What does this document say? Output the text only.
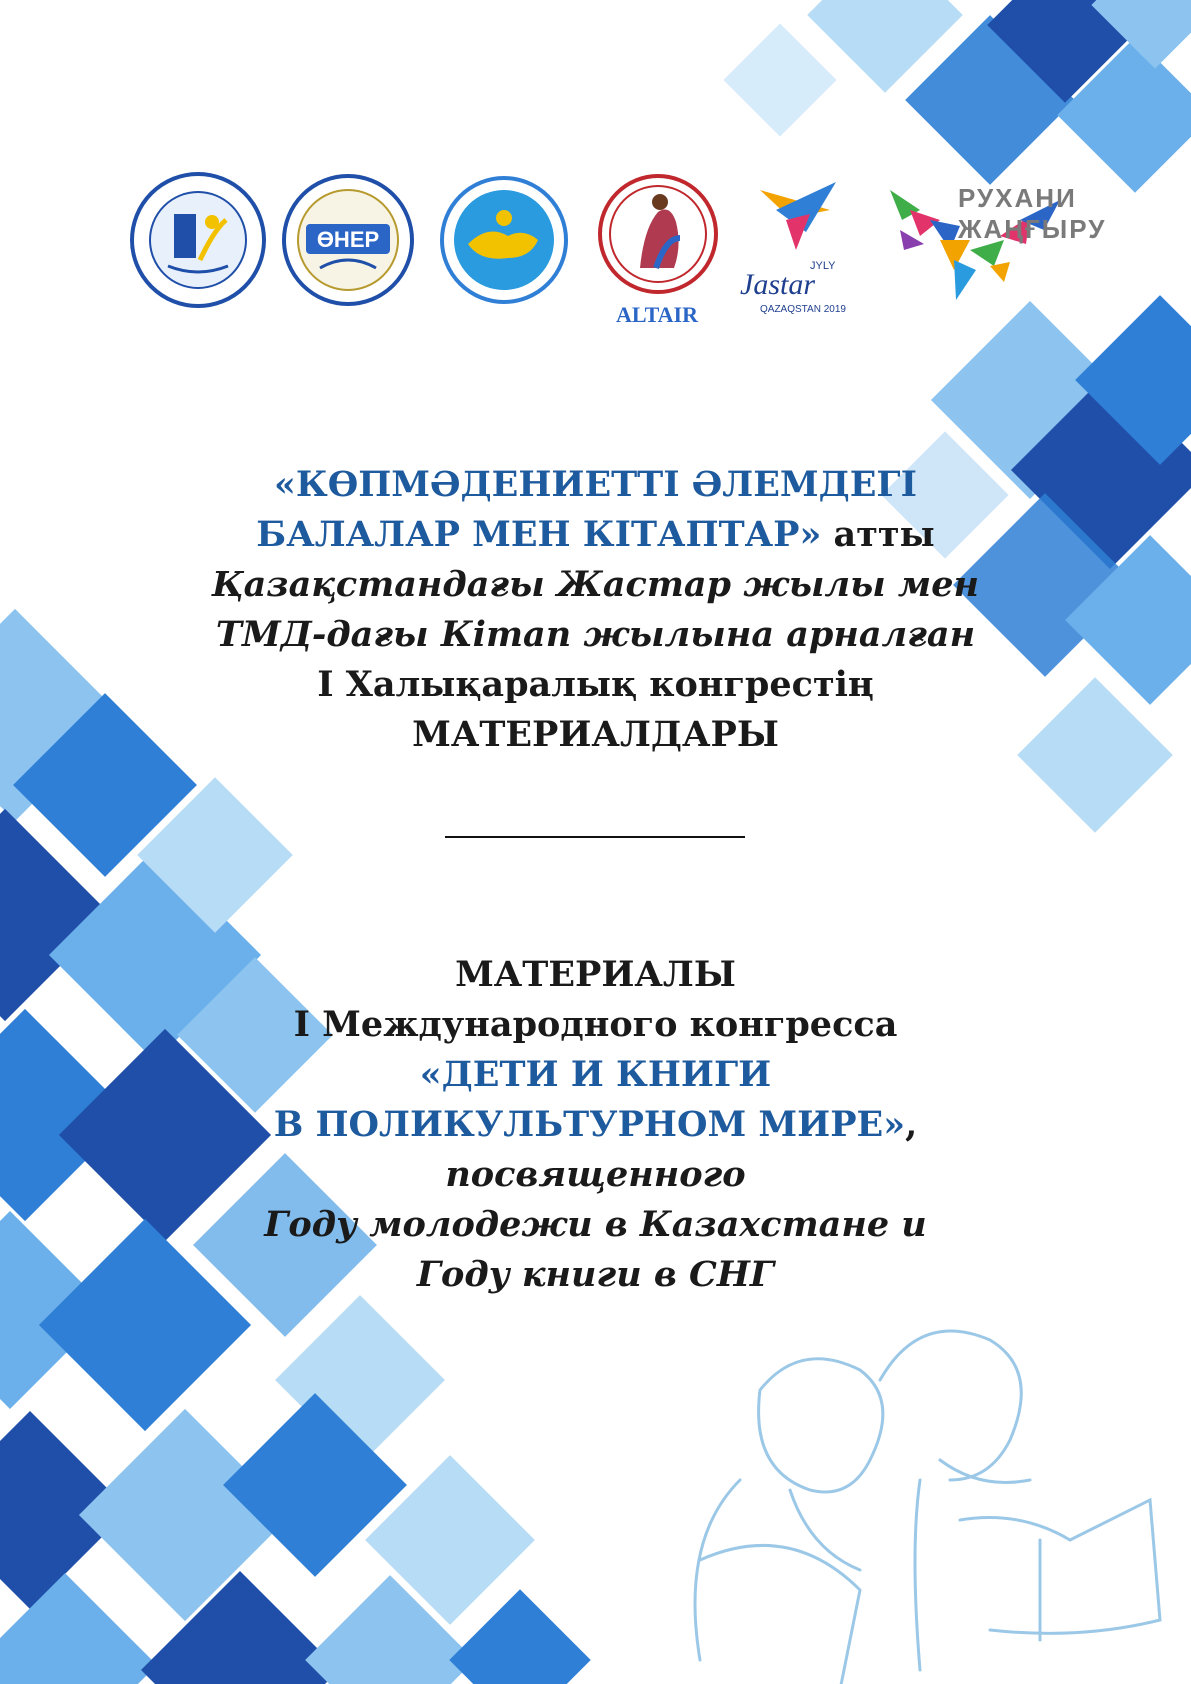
ӨНЕР
РУХАНИ
ЖАҢҒЫРУ
Jastar
JYLY
QAZAQSTAN 2019
ALTAIR
«КӨПМӘДЕНИЕТТІ ӘЛЕМДЕГІ
БАЛАЛАР МЕН КІТАПТАР» атты
Қазақстандағы Жастар жылы мен
ТМД-дағы Кітап жылына арналған
І Халықаралық конгрестің
МАТЕРИАЛДАРЫ
МАТЕРИАЛЫ
I Международного конгресса
«ДЕТИ И КНИГИ
В ПОЛИКУЛЬТУРНОМ МИРЕ»,
посвященного
Году молодежи в Казахстане и
Году книги в СНГ
